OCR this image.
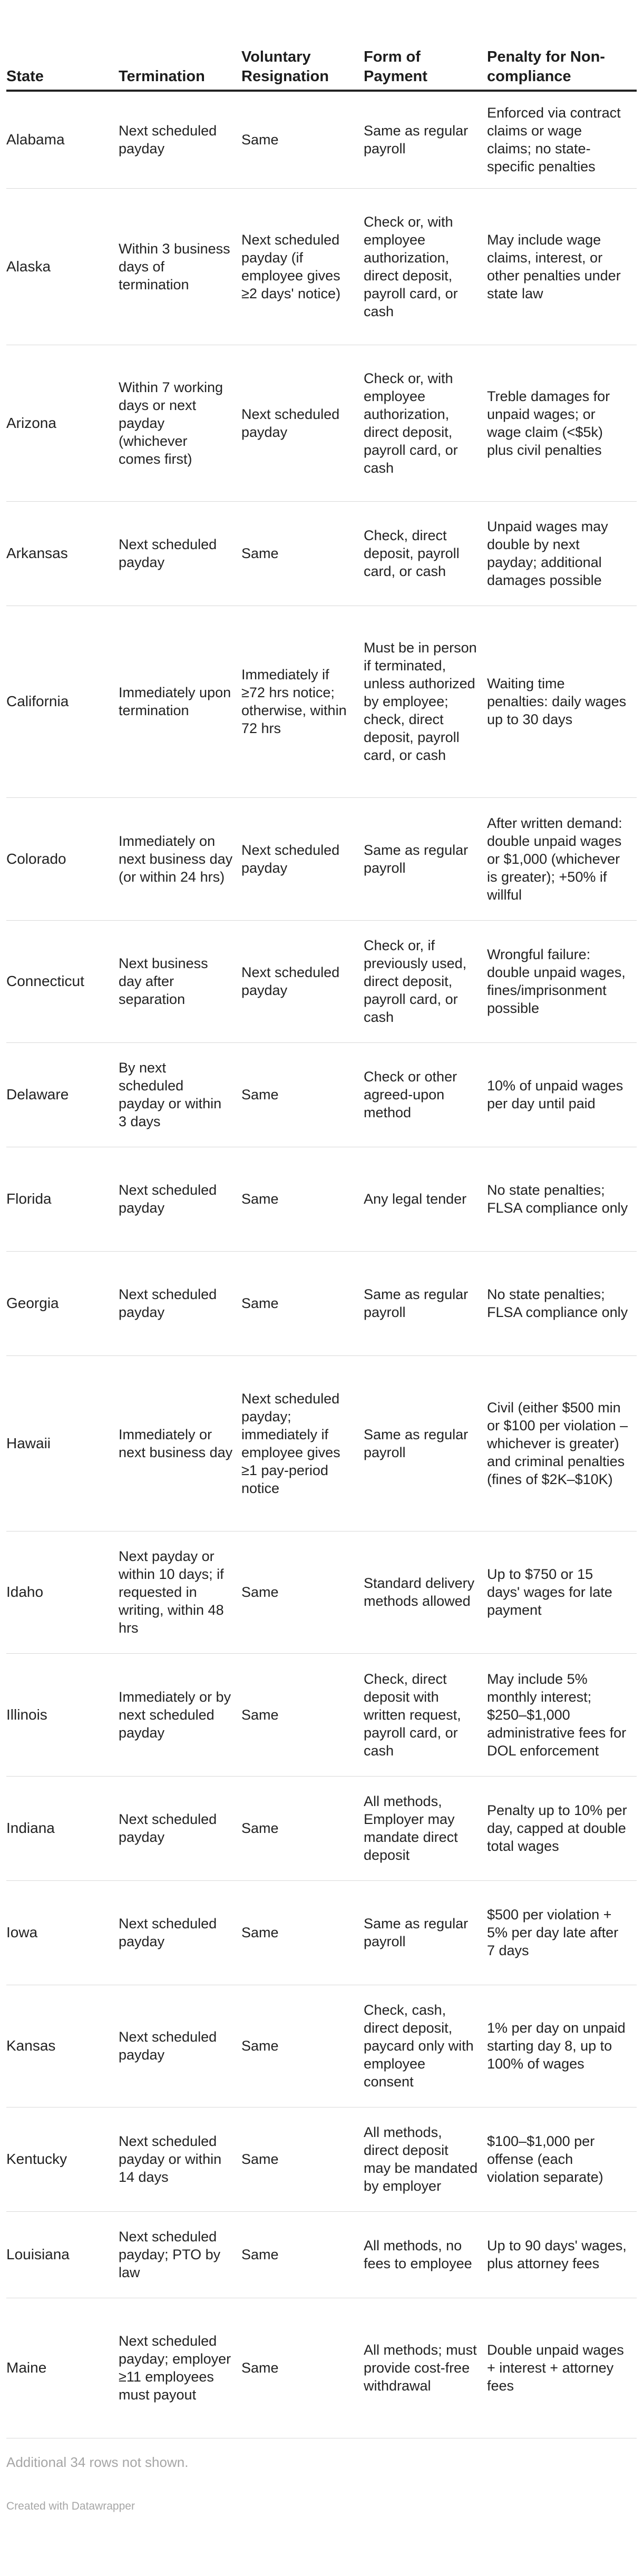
State	Termination	Voluntary Resignation	Form of Payment	Penalty for Non-compliance
Alabama	Next scheduled payday	Same	Same as regular payroll	Enforced via contract claims or wage claims; no state-specific penalties
Alaska	Within 3 business days of termination	Next scheduled payday (if employee gives ≥2 days' notice)	Check or, with employee authorization, direct deposit, payroll card, or cash	May include wage claims, interest, or other penalties under state law
Arizona	Within 7 working days or next payday (whichever comes first)	Next scheduled payday	Check or, with employee authorization, direct deposit, payroll card, or cash	Treble damages for unpaid wages; or wage claim (<$5k) plus civil penalties
Arkansas	Next scheduled payday	Same	Check, direct deposit, payroll card, or cash	Unpaid wages may double by next payday; additional damages possible
California	Immediately upon termination	Immediately if ≥72 hrs notice; otherwise, within 72 hrs	Must be in person if terminated, unless authorized by employee; check, direct deposit, payroll card, or cash	Waiting time penalties: daily wages up to 30 days
Colorado	Immediately on next business day (or within 24 hrs)	Next scheduled payday	Same as regular payroll	After written demand: double unpaid wages or $1,000 (whichever is greater); +50% if willful
Connecticut	Next business day after separation	Next scheduled payday	Check or, if previously used, direct deposit, payroll card, or cash	Wrongful failure: double unpaid wages, fines/imprisonment possible
Delaware	By next scheduled payday or within 3 days	Same	Check or other agreed-upon method	10% of unpaid wages per day until paid
Florida	Next scheduled payday	Same	Any legal tender	No state penalties; FLSA compliance only
Georgia	Next scheduled payday	Same	Same as regular payroll	No state penalties; FLSA compliance only
Hawaii	Immediately or next business day	Next scheduled payday; immediately if employee gives ≥1 pay-period notice	Same as regular payroll	Civil (either $500 min or $100 per violation – whichever is greater) and criminal penalties (fines of $2K–$10K)
Idaho	Next payday or within 10 days; if requested in writing, within 48 hrs	Same	Standard delivery methods allowed	Up to $750 or 15 days' wages for late payment
Illinois	Immediately or by next scheduled payday	Same	Check, direct deposit with written request, payroll card, or cash	May include 5% monthly interest; $250–$1,000 administrative fees for DOL enforcement
Indiana	Next scheduled payday	Same	All methods, Employer may mandate direct deposit	Penalty up to 10% per day, capped at double total wages
Iowa	Next scheduled payday	Same	Same as regular payroll	$500 per violation + 5% per day late after 7 days
Kansas	Next scheduled payday	Same	Check, cash, direct deposit, paycard only with employee consent	1% per day on unpaid starting day 8, up to 100% of wages
Kentucky	Next scheduled payday or within 14 days	Same	All methods, direct deposit may be mandated by employer	$100–$1,000 per offense (each violation separate)
Louisiana	Next scheduled payday; PTO by law	Same	All methods, no fees to employee	Up to 90 days' wages, plus attorney fees
Maine	Next scheduled payday; employer ≥11 employees must payout	Same	All methods; must provide cost-free withdrawal	Double unpaid wages + interest + attorney fees
Additional 34 rows not shown.
Created with Datawrapper
